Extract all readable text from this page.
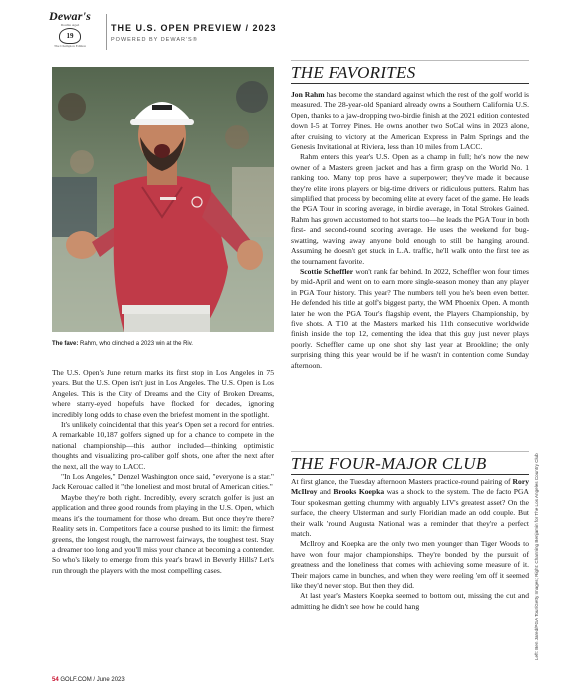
Dewar's
Double Aged
19
The Champion Edition
THE U.S. OPEN PREVIEW / 2023
POWERED BY DEWAR'S®
The fave: Rahm, who clinched a 2023 win at the Riv.

The U.S. Open's June return marks its first stop in Los Angeles in 75 years. But the U.S. Open isn't just in Los Angeles. The U.S. Open is Los Angeles. This is the City of Dreams and the City of Broken Dreams, where starry-eyed hopefuls have flocked for decades, ignoring incredibly long odds to chase even the briefest moment in the spotlight.

It's unlikely coincidental that this year's Open set a record for entries. A remarkable 10,187 golfers signed up for a chance to compete in the national championship—this author included—thinking optimistic thoughts and visualizing pro-caliber golf shots, one after the next after the next, all the way to LACC.

"In Los Angeles," Denzel Washington once said, "everyone is a star." Jack Kerouac called it "the loneliest and most brutal of American cities."

Maybe they're both right. Incredibly, every scratch golfer is just an application and three good rounds from playing in the U.S. Open, which means it's the tournament for those who dream. But once they're there? Reality sets in. Competitors face a course pushed to its limit: the firmest greens, the longest rough, the narrowest fairways, the toughest test. Stay a dreamer too long and you'll miss your chance at becoming a contender. So who's likely to emerge from this year's brawl in Beverly Hills? Let's run through the players with the most compelling cases.

THE FAVORITES

Jon Rahm has become the standard against which the rest of the golf world is measured. The 28-year-old Spaniard already owns a Southern California U.S. Open, thanks to a jaw-dropping two-birdie finish at the 2021 edition contested down I-5 at Torrey Pines. He owns another two SoCal wins in 2023 alone, after cruising to victory at the American Express in Palm Springs and the Genesis Invitational at Riviera, less than 10 miles from LACC.

Rahm enters this year's U.S. Open as a champ in full; he's now the new owner of a Masters green jacket and has a firm grasp on the World No. 1 ranking too. Many top pros have a superpower; they've made it because they're elite irons players or big-time drivers or ridiculous putters. Rahm has simplified that process by becoming elite at every facet of the game. He leads the PGA Tour in scoring average, in birdie average, in Total Strokes Gained. Rahm has grown accustomed to hot starts too—he leads the PGA Tour in both first- and second-round scoring average. He uses the weekend for bug-swatting, waving away anyone bold enough to still be hanging around. Assuming he doesn't get stuck in L.A. traffic, he'll walk onto the first tee as the tournament favorite.

Scottie Scheffler won't rank far behind. In 2022, Scheffler won four times by mid-April and went on to earn more single-season money than any player in PGA Tour history. This year? The numbers tell you he's been even better. He defended his title at golf's biggest party, the WM Phoenix Open. A month later he won the PGA Tour's flagship event, the Players Championship, by five shots. A T10 at the Masters marked his 11th consecutive worldwide finish inside the top 12, cementing the idea that this guy just never plays poorly. Scheffler came up one shot shy last year at Brookline; the only surprising thing this year would be if he wasn't in contention come Sunday afternoon.

THE FOUR-MAJOR CLUB

At first glance, the Tuesday afternoon Masters practice-round pairing of Rory McIlroy and Brooks Koepka was a shock to the system. The de facto PGA Tour spokesman getting chummy with arguably LIV's greatest asset? On the surface, the cheery Ulsterman and surly Floridian made an odd couple. But their walk 'round Augusta National was a reminder that they're a perfect match.

McIlroy and Koepka are the only two men younger than Tiger Woods to have won four major championships. They're bonded by the pursuit of greatness and the loneliness that comes with achieving some measure of it. Their majors came in bunches, and when they were reeling 'em off it seemed like they'd never stop. But then they did.

At last year's Masters Koepka seemed to bottom out, missing the cut and admitting he didn't see how he could hang

54 GOLF.COM / June 2023
Left: Ben Jared/PGA Tour/Getty Images; Right: Channing Benjamin for The Los Angeles Country Club
